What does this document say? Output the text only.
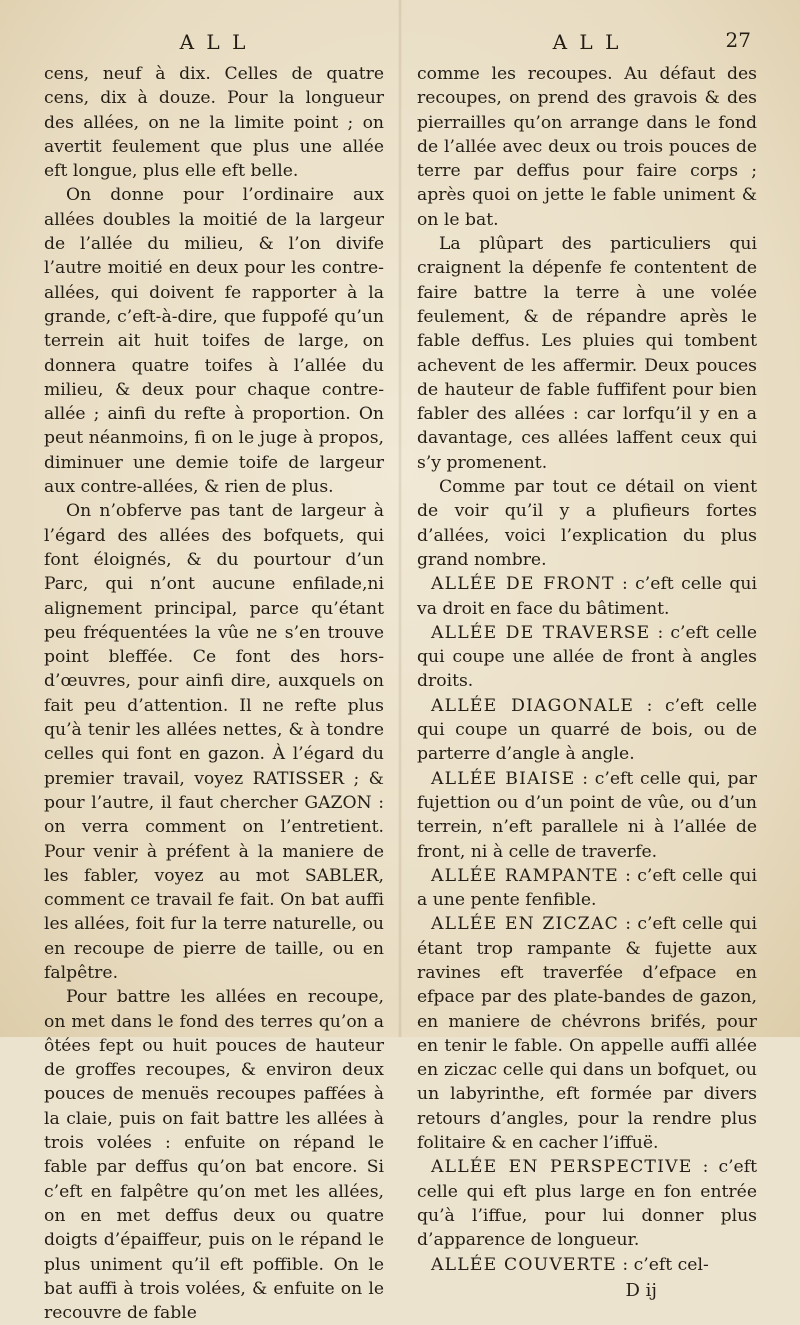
A L L

cens, neuf à dix. Celles de quatre cens, dix à douze. Pour la longueur des allées, on ne la limite point ; on avertit feulement que plus une allée eft longue, plus elle eft belle.

On donne pour l’ordinaire aux allées doubles la moitié de la largeur de l’allée du milieu, & l’on divife l’autre moitié en deux pour les contre-allées, qui doivent fe rapporter à la grande, c’eft-à-dire, que fuppofé qu’un terrein ait huit toifes de large, on donnera quatre toifes à l’allée du milieu, & deux pour chaque contre-allée ; ainfi du refte à proportion. On peut néanmoins, fi on le juge à propos, diminuer une demie toife de largeur aux contre-allées, & rien de plus.

On n’obferve pas tant de largeur à l’égard des allées des bofquets, qui font éloignés, & du pourtour d’un Parc, qui n’ont aucune enfilade,ni alignement principal, parce qu’étant peu fréquentées la vûe ne s’en trouve point bleffée. Ce font des hors-d’œuvres, pour ainfi dire, auxquels on fait peu d’attention. Il ne refte plus qu’à tenir les allées nettes, & à tondre celles qui font en gazon. À l’égard du premier travail, voyez RATISSER ; & pour l’autre, il faut chercher GAZON : on verra comment on l’entretient. Pour venir à préfent à la maniere de les fabler, voyez au mot SABLER, comment ce travail fe fait. On bat auffi les allées, foit fur la terre naturelle, ou en recoupe de pierre de taille, ou en falpêtre.

Pour battre les allées en recoupe, on met dans le fond des terres qu’on a ôtées fept ou huit pouces de hauteur de groffes recoupes, & environ deux pouces de menuës recoupes paffées à la claie, puis on fait battre les allées à trois volées : enfuite on répand le fable par deffus qu’on bat encore. Si c’eft en falpêtre qu’on met les allées, on en met deffus deux ou quatre doigts d’épaiffeur, puis on le répand le plus uniment qu’il eft poffible. On le bat auffi à trois volées, & enfuite on le recouvre de fable

A L L	27

comme les recoupes. Au défaut des recoupes, on prend des gravois & des pierrailles qu’on arrange dans le fond de l’allée avec deux ou trois pouces de terre par deffus pour faire corps ; après quoi on jette le fable uniment & on le bat.

La plûpart des particuliers qui craignent la dépenfe fe contentent de faire battre la terre à une volée feulement, & de répandre après le fable deffus. Les pluies qui tombent achevent de les affermir. Deux pouces de hauteur de fable fuffifent pour bien fabler des allées : car lorfqu’il y en a davantage, ces allées laffent ceux qui s’y promenent.

Comme par tout ce détail on vient de voir qu’il y a plufieurs fortes d’allées, voici l’explication du plus grand nombre.

ALLÉE DE FRONT : c’eft celle qui va droit en face du bâtiment.

ALLÉE DE TRAVERSE : c’eft celle qui coupe une allée de front à angles droits.

ALLÉE DIAGONALE : c’eft celle qui coupe un quarré de bois, ou de parterre d’angle à angle.

ALLÉE BIAISE : c’eft celle qui, par fujettion ou d’un point de vûe, ou d’un terrein, n’eft parallele ni à l’allée de front, ni à celle de traverfe.

ALLÉE RAMPANTE : c’eft celle qui a une pente fenfible.

ALLÉE EN ZICZAC : c’eft celle qui étant trop rampante & fujette aux ravines eft traverfée d’efpace en efpace par des plate-bandes de gazon, en maniere de chévrons brifés, pour en tenir le fable. On appelle auffi allée en ziczac celle qui dans un bofquet, ou un labyrinthe, eft formée par divers retours d’angles, pour la rendre plus folitaire & en cacher l’iffuë.

ALLÉE EN PERSPECTIVE : c’eft celle qui eft plus large en fon entrée qu’à l’iffue, pour lui donner plus d’apparence de longueur.

ALLÉE COUVERTE : c’eft cel-

D ij
